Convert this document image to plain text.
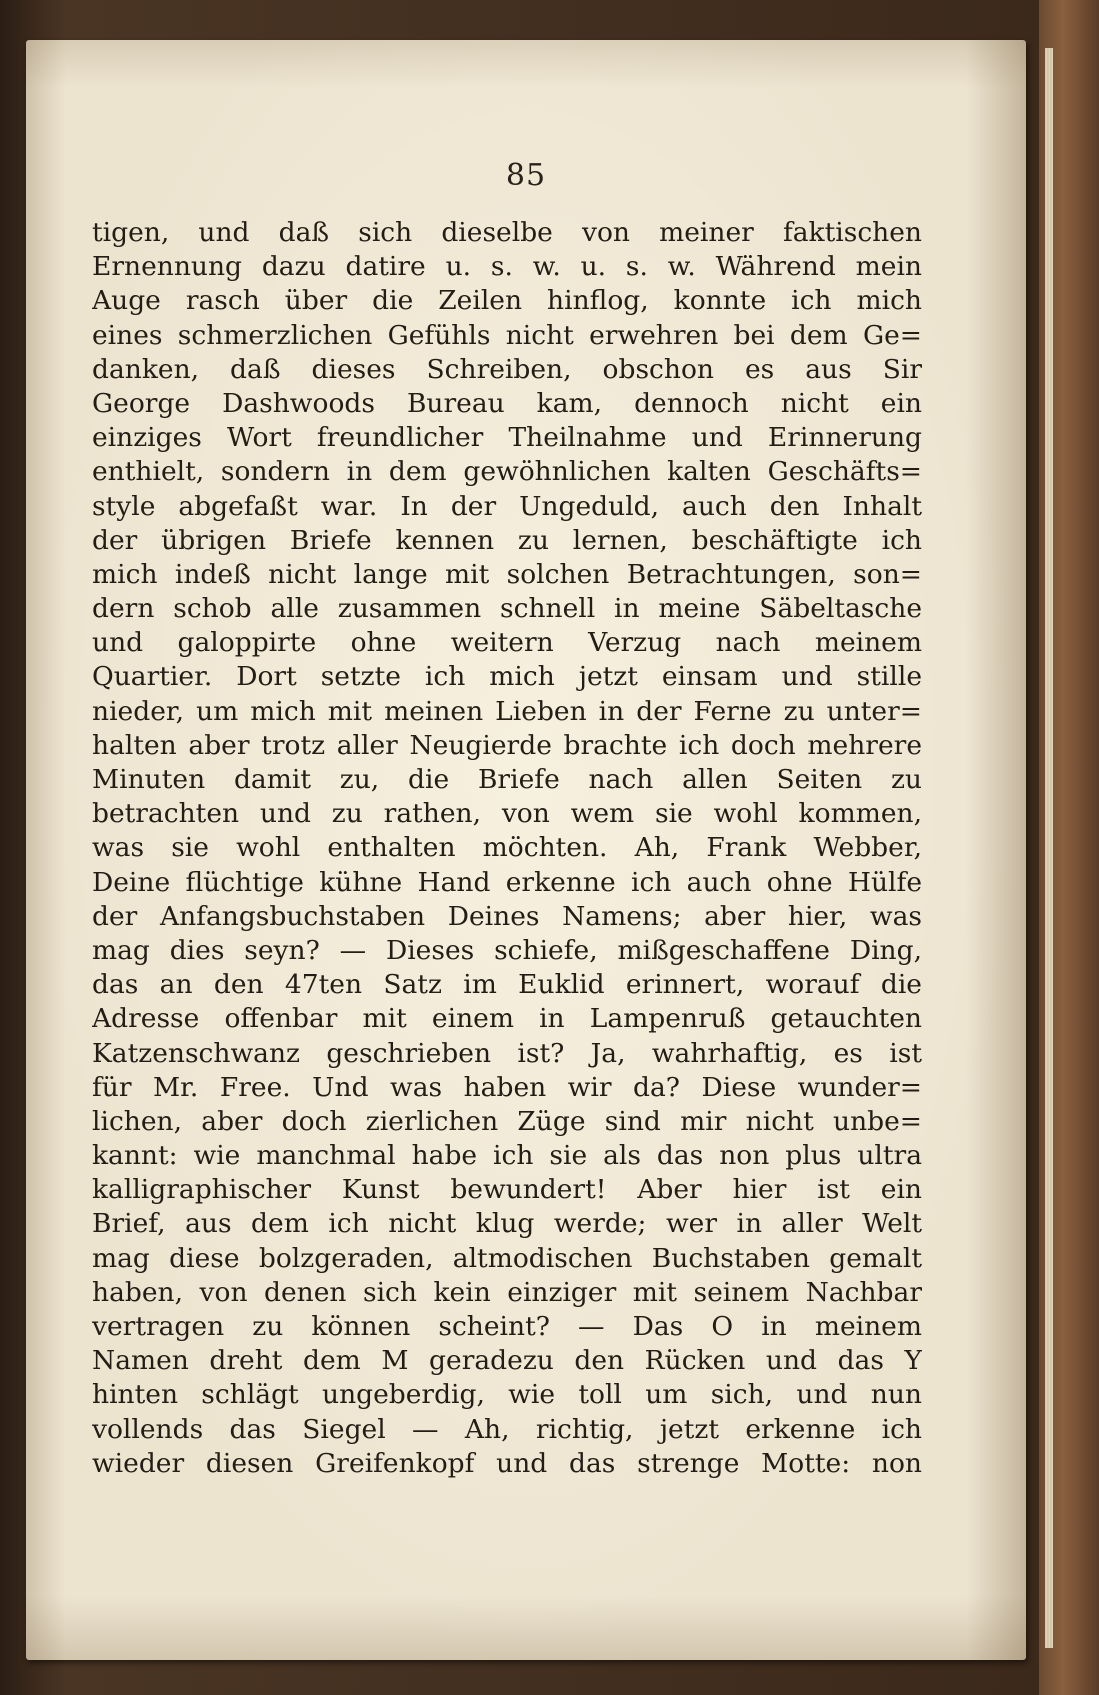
85
tigen, und daß sich dieselbe von meiner faktischen
Ernennung dazu datire u. s. w. u. s. w. Während mein
Auge rasch über die Zeilen hinflog, konnte ich mich
eines schmerzlichen Gefühls nicht erwehren bei dem Ge=
danken, daß dieses Schreiben, obschon es aus Sir
George Dashwoods Bureau kam, dennoch nicht ein
einziges Wort freundlicher Theilnahme und Erinnerung
enthielt, sondern in dem gewöhnlichen kalten Geschäfts=
style abgefaßt war. In der Ungeduld, auch den Inhalt
der übrigen Briefe kennen zu lernen, beschäftigte ich
mich indeß nicht lange mit solchen Betrachtungen, son=
dern schob alle zusammen schnell in meine Säbeltasche
und galoppirte ohne weitern Verzug nach meinem
Quartier. Dort setzte ich mich jetzt einsam und stille
nieder, um mich mit meinen Lieben in der Ferne zu unter=
halten aber trotz aller Neugierde brachte ich doch mehrere
Minuten damit zu, die Briefe nach allen Seiten zu
betrachten und zu rathen, von wem sie wohl kommen,
was sie wohl enthalten möchten. Ah, Frank Webber,
Deine flüchtige kühne Hand erkenne ich auch ohne Hülfe
der Anfangsbuchstaben Deines Namens; aber hier, was
mag dies seyn? — Dieses schiefe, mißgeschaffene Ding,
das an den 47ten Satz im Euklid erinnert, worauf die
Adresse offenbar mit einem in Lampenruß getauchten
Katzenschwanz geschrieben ist? Ja, wahrhaftig, es ist
für Mr. Free. Und was haben wir da? Diese wunder=
lichen, aber doch zierlichen Züge sind mir nicht unbe=
kannt: wie manchmal habe ich sie als das non plus ultra
kalligraphischer Kunst bewundert! Aber hier ist ein
Brief, aus dem ich nicht klug werde; wer in aller Welt
mag diese bolzgeraden, altmodischen Buchstaben gemalt
haben, von denen sich kein einziger mit seinem Nachbar
vertragen zu können scheint? — Das O in meinem
Namen dreht dem M geradezu den Rücken und das Y
hinten schlägt ungeberdig, wie toll um sich, und nun
vollends das Siegel — Ah, richtig, jetzt erkenne ich
wieder diesen Greifenkopf und das strenge Motte: non
